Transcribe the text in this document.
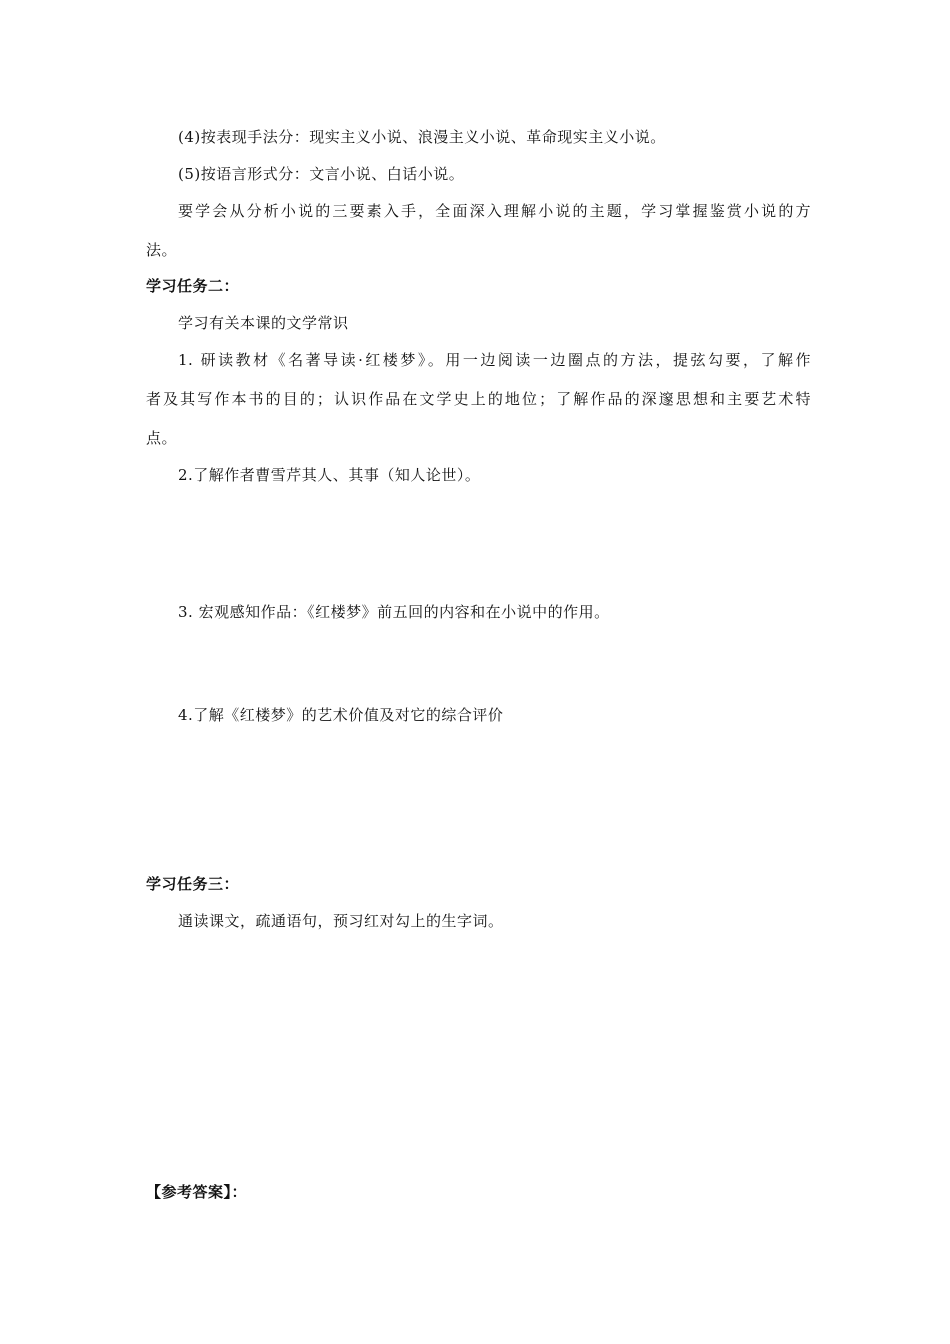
(4)按表现手法分：现实主义小说、浪漫主义小说、革命现实主义小说。
(5)按语言形式分：文言小说、白话小说。
要学会从分析小说的三要素入手，全面深入理解小说的主题，学习掌握鉴赏小说的方
法。
学习任务二：
学习有关本课的文学常识
1. 研读教材《名著导读·红楼梦》。用一边阅读一边圈点的方法，提弦勾要，了解作
者及其写作本书的目的；认识作品在文学史上的地位；了解作品的深邃思想和主要艺术特
点。
2.了解作者曹雪芹其人、其事（知人论世）。
3. 宏观感知作品：《红楼梦》前五回的内容和在小说中的作用。
4.了解《红楼梦》的艺术价值及对它的综合评价
学习任务三：
通读课文，疏通语句，预习红对勾上的生字词。
【参考答案】：
